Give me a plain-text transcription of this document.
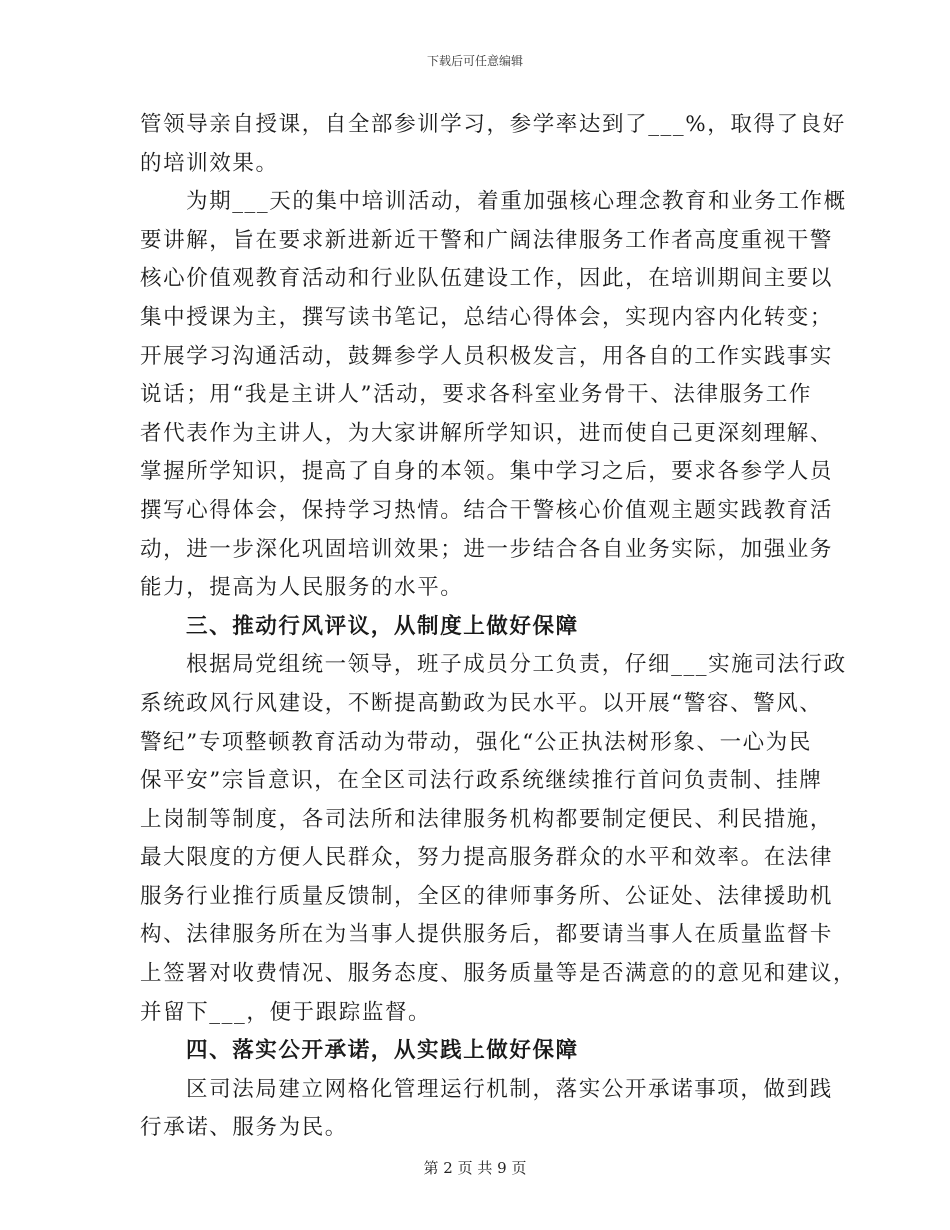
下载后可任意编辑
管领导亲自授课，自全部参训学习，参学率达到了___%，取得了良好
的培训效果。
为期___天的集中培训活动，着重加强核心理念教育和业务工作概
要讲解，旨在要求新进新近干警和广阔法律服务工作者高度重视干警
核心价值观教育活动和行业队伍建设工作，因此，在培训期间主要以
集中授课为主，撰写读书笔记，总结心得体会，实现内容内化转变；
开展学习沟通活动，鼓舞参学人员积极发言，用各自的工作实践事实
说话；用“我是主讲人”活动，要求各科室业务骨干、法律服务工作
者代表作为主讲人，为大家讲解所学知识，进而使自己更深刻理解、
掌握所学知识，提高了自身的本领。集中学习之后，要求各参学人员
撰写心得体会，保持学习热情。结合干警核心价值观主题实践教育活
动，进一步深化巩固培训效果；进一步结合各自业务实际，加强业务
能力，提高为人民服务的水平。
三、推动行风评议，从制度上做好保障
根据局党组统一领导，班子成员分工负责，仔细___实施司法行政
系统政风行风建设，不断提高勤政为民水平。以开展“警容、警风、
警纪”专项整顿教育活动为带动，强化“公正执法树形象、一心为民
保平安”宗旨意识，在全区司法行政系统继续推行首问负责制、挂牌
上岗制等制度，各司法所和法律服务机构都要制定便民、利民措施，
最大限度的方便人民群众，努力提高服务群众的水平和效率。在法律
服务行业推行质量反馈制，全区的律师事务所、公证处、法律援助机
构、法律服务所在为当事人提供服务后，都要请当事人在质量监督卡
上签署对收费情况、服务态度、服务质量等是否满意的的意见和建议，
并留下___，便于跟踪监督。
四、落实公开承诺，从实践上做好保障
区司法局建立网格化管理运行机制，落实公开承诺事项，做到践
行承诺、服务为民。
第 2 页 共 9 页
